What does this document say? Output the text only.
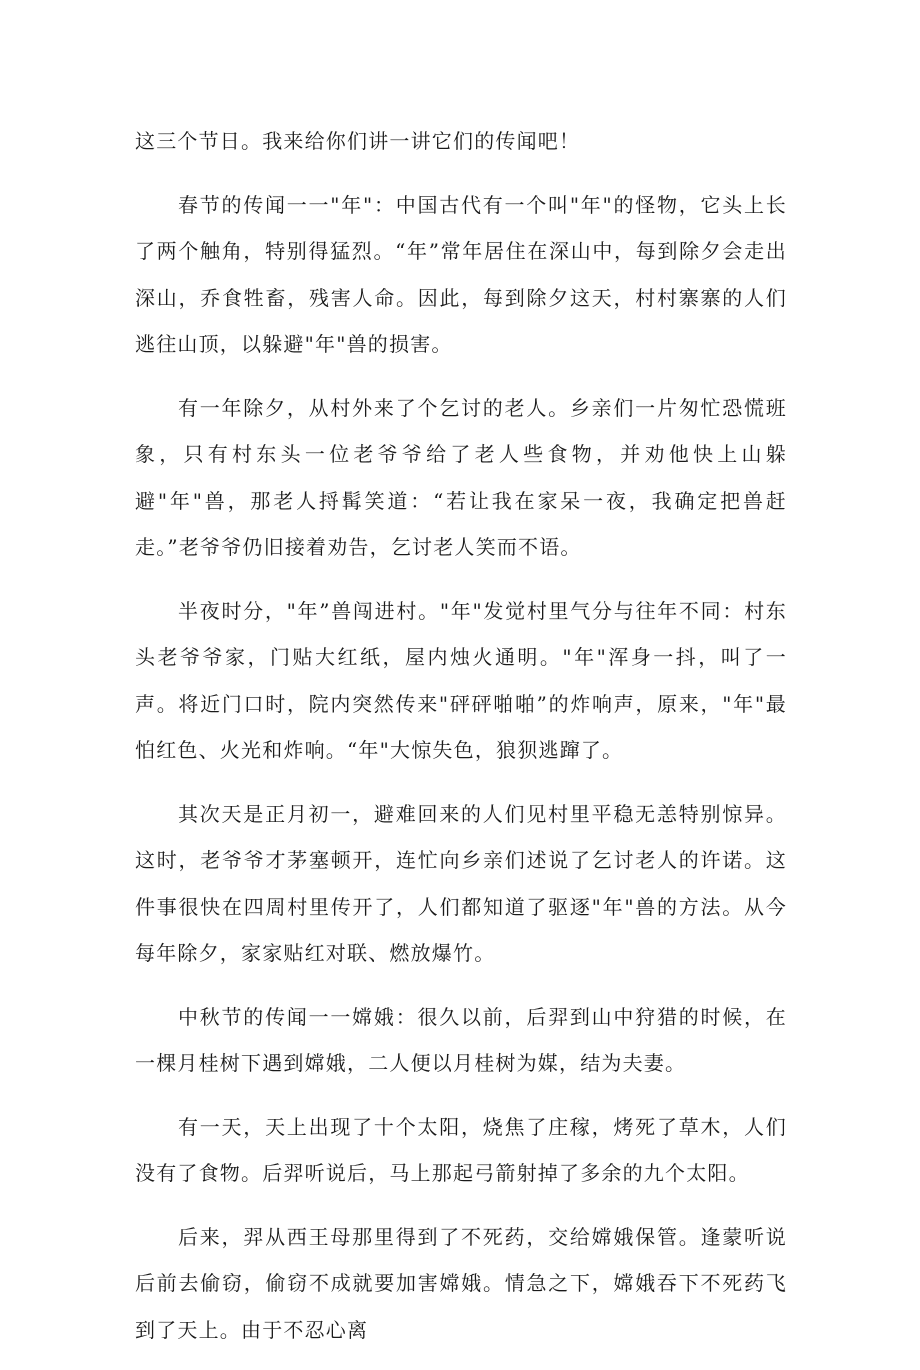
这三个节日。我来给你们讲一讲它们的传闻吧！

春节的传闻一一"年"：中国古代有一个叫"年"的怪物，它头上长了两个触角，特别得猛烈。“年”常年居住在深山中，每到除夕会走出深山，乔食牲畜，残害人命。因此，每到除夕这天，村村寨寨的人们逃往山顶，以躲避"年"兽的损害。

有一年除夕，从村外来了个乞讨的老人。乡亲们一片匆忙恐慌班象，只有村东头一位老爷爷给了老人些食物，并劝他快上山躲避"年"兽，那老人捋髯笑道：“若让我在家呆一夜，我确定把兽赶走。”老爷爷仍旧接着劝告，乞讨老人笑而不语。

半夜时分，"年”兽闯进村。"年"发觉村里气分与往年不同：村东头老爷爷家，门贴大红纸，屋内烛火通明。"年"浑身一抖，叫了一声。将近门口时，院内突然传来"砰砰啪啪”的炸响声，原来，"年"最怕红色、火光和炸响。“年"大惊失色，狼狈逃蹿了。

其次天是正月初一，避难回来的人们见村里平稳无恙特别惊异。这时，老爷爷才茅塞顿开，连忙向乡亲们述说了乞讨老人的许诺。这件事很快在四周村里传开了，人们都知道了驱逐"年"兽的方法。从今每年除夕，家家贴红对联、燃放爆竹。

中秋节的传闻一一嫦娥：很久以前，后羿到山中狩猎的时候，在一棵月桂树下遇到嫦娥，二人便以月桂树为媒，结为夫妻。

有一天，天上出现了十个太阳，烧焦了庄稼，烤死了草木，人们没有了食物。后羿听说后，马上那起弓箭射掉了多余的九个太阳。

后来，羿从西王母那里得到了不死药，交给嫦娥保管。逢蒙听说后前去偷窃，偷窃不成就要加害嫦娥。情急之下，嫦娥吞下不死药飞到了天上。由于不忍心离
